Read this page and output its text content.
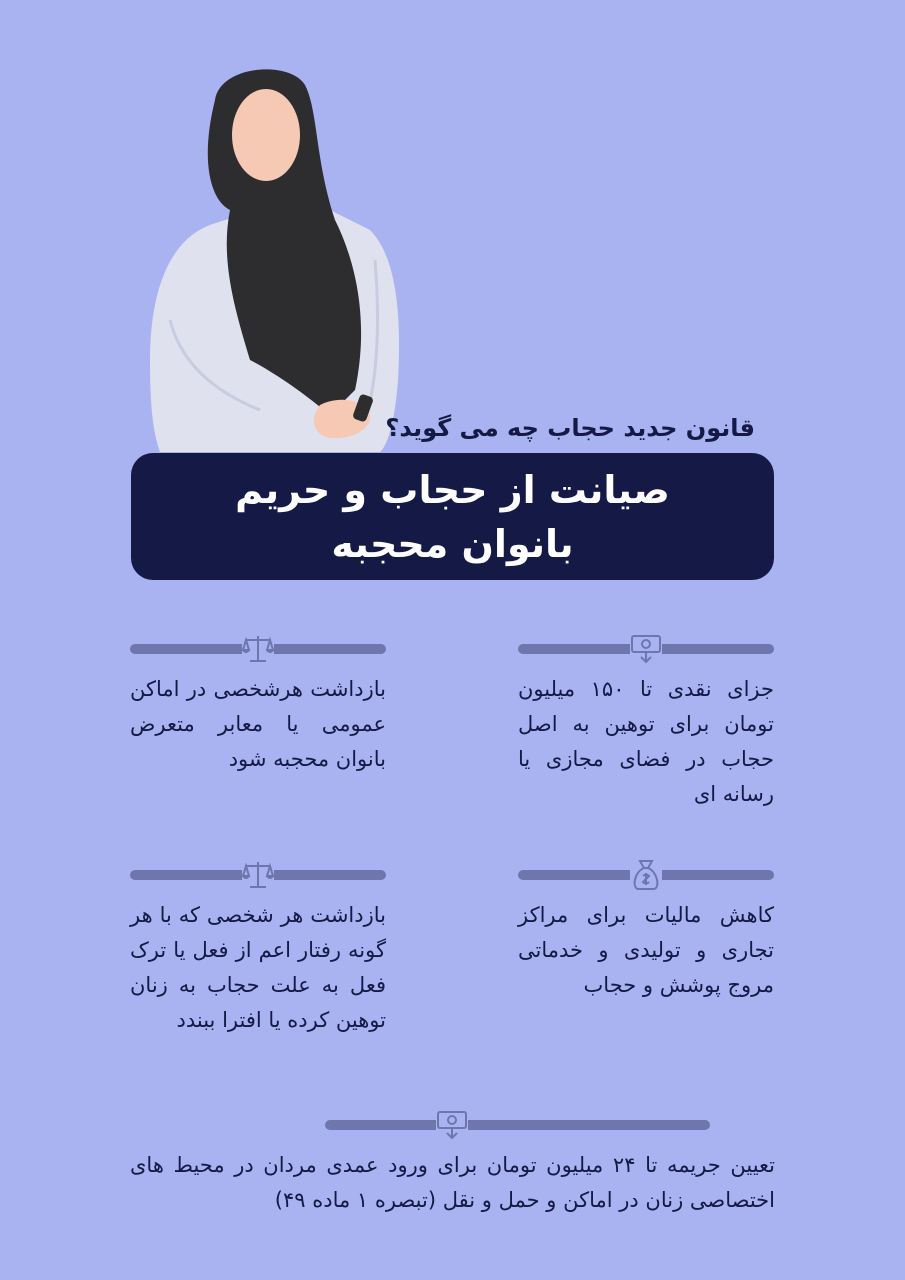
قانون جدید حجاب چه می گوید؟
صیانت از حجاب و حریم
بانوان محجبه
بازداشت هرشخصی در اماکن عمومی یا معابر متعرض بانوان محجبه شود
جزای نقدی تا ۱۵۰ میلیون تومان برای توهین به اصل حجاب در فضای مجازی یا رسانه ای
بازداشت هر شخصی که با هر گونه رفتار اعم از فعل یا ترک فعل به علت حجاب به زنان توهین کرده یا افترا ببندد
کاهش مالیات برای مراکز تجاری و تولیدی و خدماتی مروج پوشش و حجاب
تعیین جریمه تا ۲۴ میلیون تومان برای ورود عمدی مردان در محیط های اختصاصی زنان در اماکن و حمل و نقل (تبصره ۱ ماده ۴۹)
